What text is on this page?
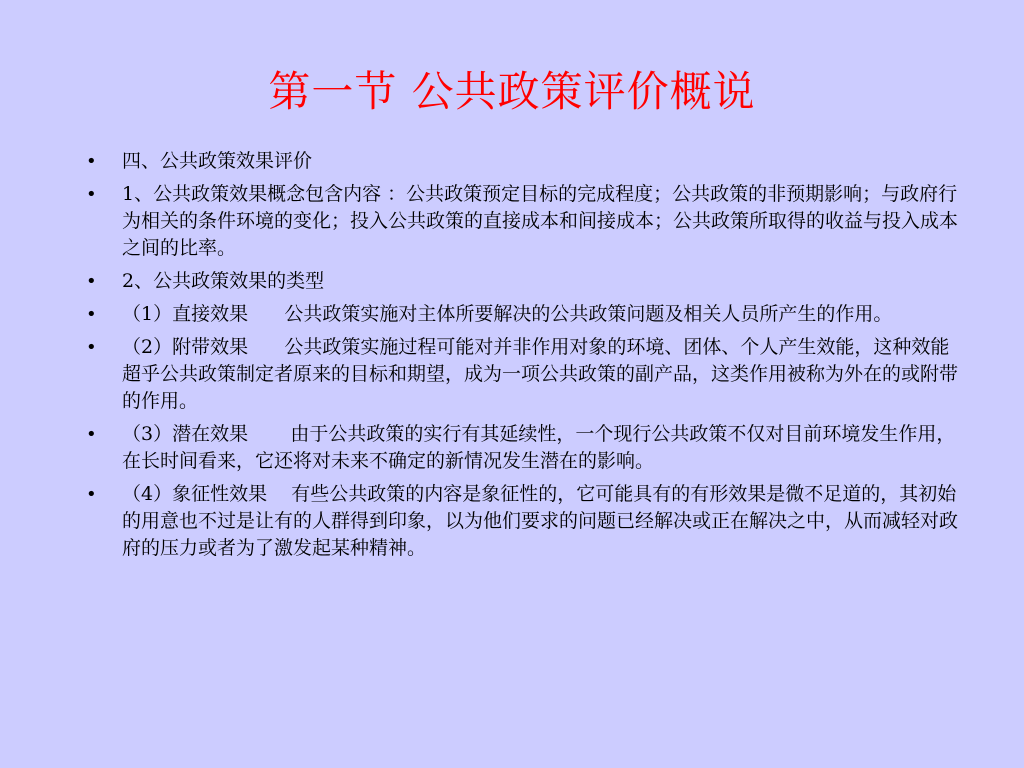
第一节 公共政策评价概说
•	四、公共政策效果评价
•	1、公共政策效果概念包含内容 ：公共政策预定目标的完成程度；公共政策的非预期影响；与政府行为相关的条件环境的变化；投入公共政策的直接成本和间接成本；公共政策所取得的收益与投入成本之间的比率。
•	2、公共政策效果的类型
•	（1）直接效果      公共政策实施对主体所要解决的公共政策问题及相关人员所产生的作用。
•	（2）附带效果      公共政策实施过程可能对并非作用对象的环境、团体、个人产生效能，这种效能超乎公共政策制定者原来的目标和期望，成为一项公共政策的副产品，这类作用被称为外在的或附带的作用。
•	（3）潜在效果       由于公共政策的实行有其延续性，一个现行公共政策不仅对目前环境发生作用，在长时间看来，它还将对未来不确定的新情况发生潜在的影响。
•	（4）象征性效果    有些公共政策的内容是象征性的，它可能具有的有形效果是微不足道的，其初始的用意也不过是让有的人群得到印象，以为他们要求的问题已经解决或正在解决之中，从而减轻对政府的压力或者为了激发起某种精神。
